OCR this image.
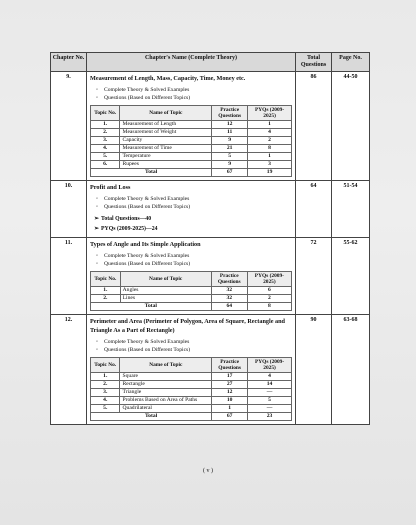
Chapter No.	Chapter's Name (Complete Theory)	Total Questions	Page No.
9.	Measurement of Length, Mass, Capacity, Time, Money etc.
◦ Complete Theory & Solved Examples
◦ Questions (Based on Different Topics)
Topic No.	Name of Topic	Practice Questions	PYQs (2009-2025)
1.	Measurement of Length	12	1
2.	Measurement of Weight	11	4
3.	Capacity	9	2
4.	Measurement of Time	21	8
5.	Temperature	5	1
6.	Rupees	9	3
Total	67	19
	86	44-50
10.	Profit and Loss
◦ Complete Theory & Solved Examples
◦ Questions (Based on Different Topics)
➢ Total Questions—40
➢ PYQs (2009-2025)—24
	64	51-54
11.	Types of Angle and Its Simple Application
◦ Complete Theory & Solved Examples
◦ Questions (Based on Different Topics)
Topic No.	Name of Topic	Practice Questions	PYQs (2009-2025)
1.	Angles	32	6
2.	Lines	32	2
Total	64	8
	72	55-62
12.	Perimeter and Area (Perimeter of Polygon, Area of Square, Rectangle and Triangle As a Part of Rectangle)
◦ Complete Theory & Solved Examples
◦ Questions (Based on Different Topics)
Topic No.	Name of Topic	Practice Questions	PYQs (2009-2025)
1.	Square	17	4
2.	Rectangle	27	14
3.	Triangle	12	—
4.	Problems Based on Area of Paths	10	5
5.	Quadrilateral	1	—
Total	67	23
	90	63-68
( v )
